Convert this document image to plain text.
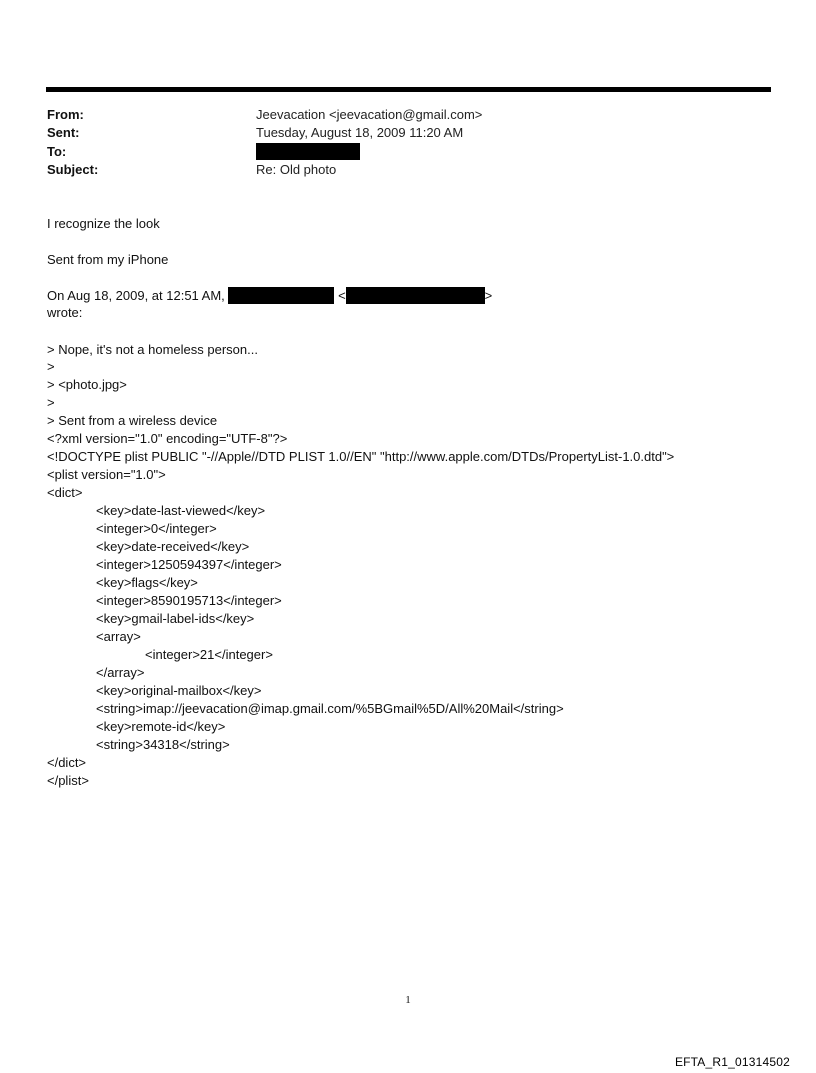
From:	Jeevacation <jeevacation@gmail.com>
Sent:	Tuesday, August 18, 2009 11:20 AM
To:
Subject:	Re: Old photo
I recognize the look
Sent from my iPhone
On Aug 18, 2009, at 12:51 AM,	<	>
wrote:
> Nope, it's not a homeless person...
>
> <photo.jpg>
>
> Sent from a wireless device
<?xml version="1.0" encoding="UTF-8"?>
<!DOCTYPE plist PUBLIC "-//Apple//DTD PLIST 1.0//EN" "http://www.apple.com/DTDs/PropertyList-1.0.dtd">
<plist version="1.0">
<dict>
<key>date-last-viewed</key>
<integer>0</integer>
<key>date-received</key>
<integer>1250594397</integer>
<key>flags</key>
<integer>8590195713</integer>
<key>gmail-label-ids</key>
<array>
<integer>21</integer>
</array>
<key>original-mailbox</key>
<string>imap://jeevacation@imap.gmail.com/%5BGmail%5D/All%20Mail</string>
<key>remote-id</key>
<string>34318</string>
</dict>
</plist>
1
EFTA_R1_01314502
